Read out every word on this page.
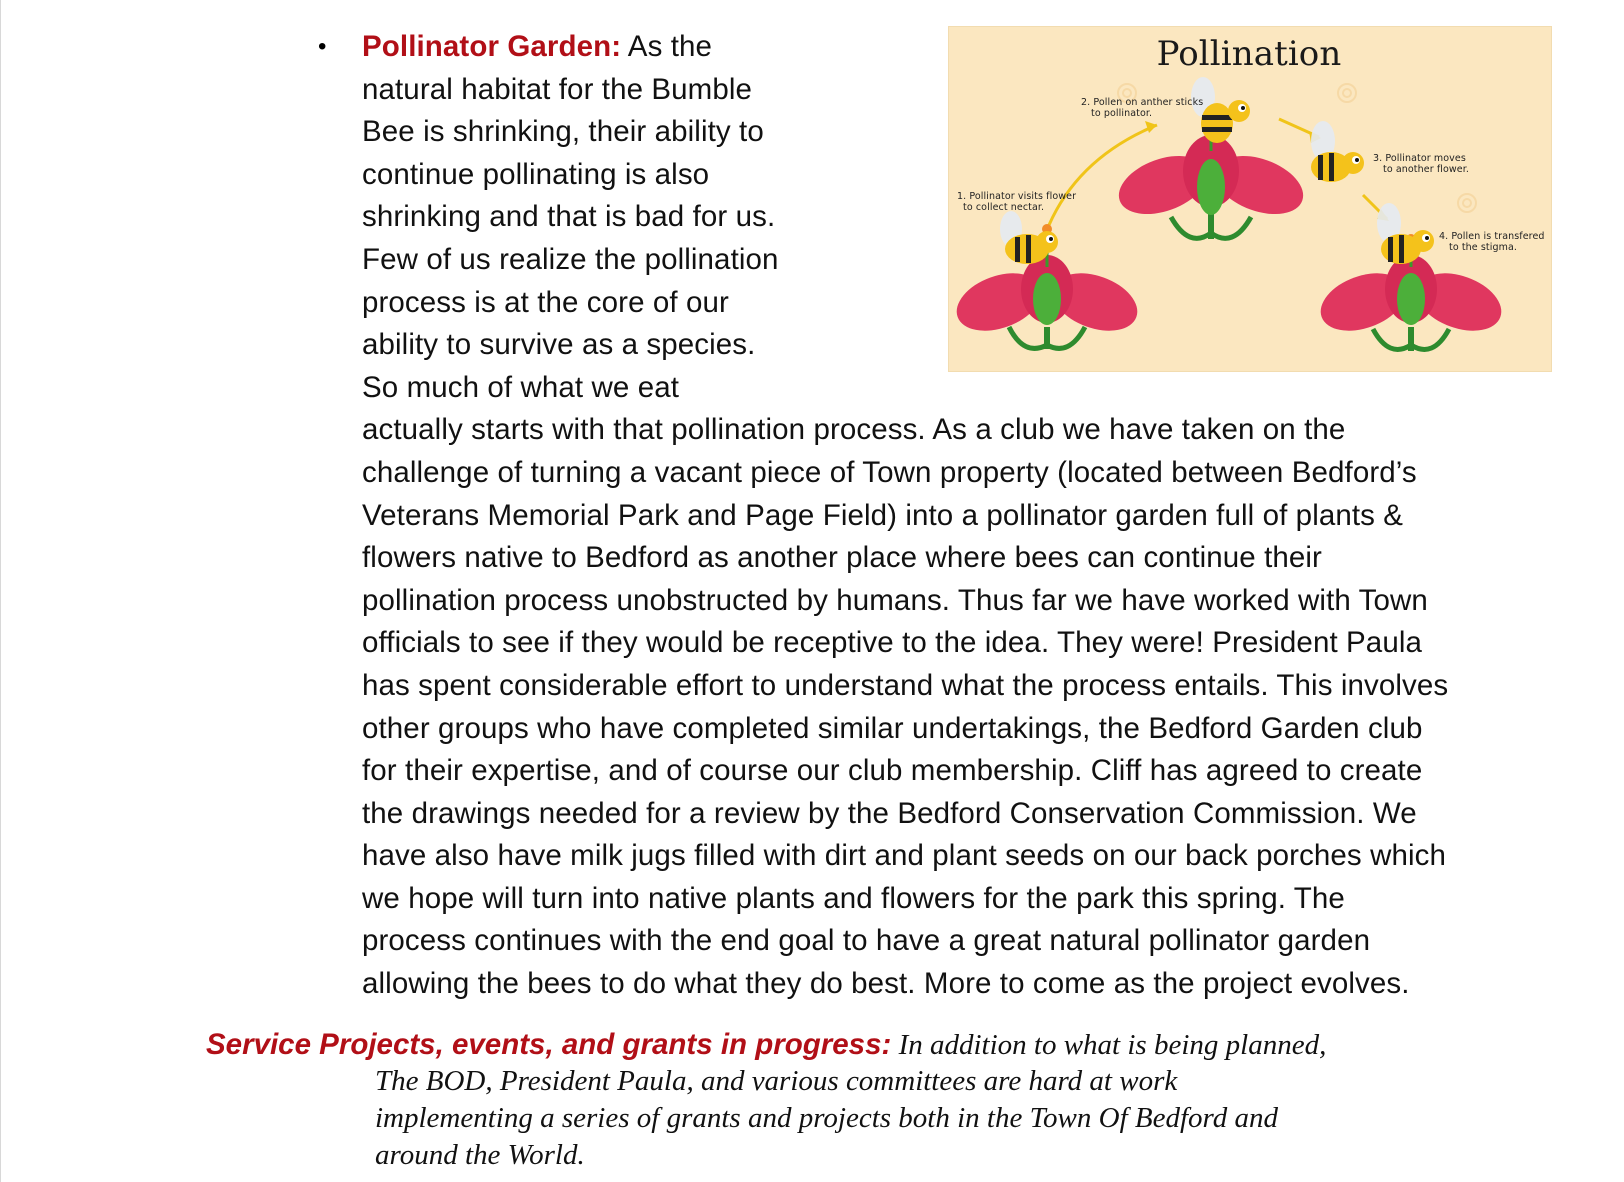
•	Pollination
1. Pollinator visits flower
to collect nectar.
2. Pollen on anther sticks
to pollinator.
3. Pollinator moves
to another flower.
4. Pollen is transfered
to the stigma.
Pollinator Garden: As the
natural habitat for the Bumble
Bee is shrinking, their ability to
continue pollinating is also
shrinking and that is bad for us.
Few of us realize the pollination
process is at the core of our
ability to survive as a species.
So much of what we eat
actually starts with that pollination process. As a club we have taken on the
challenge of turning a vacant piece of Town property (located between Bedford’s
Veterans Memorial Park and Page Field) into a pollinator garden full of plants &
flowers native to Bedford as another place where bees can continue their
pollination process unobstructed by humans. Thus far we have worked with Town
officials to see if they would be receptive to the idea. They were! President Paula
has spent considerable effort to understand what the process entails. This involves
other groups who have completed similar undertakings, the Bedford Garden club
for their expertise, and of course our club membership. Cliff has agreed to create
the drawings needed for a review by the Bedford Conservation Commission. We
have also have milk jugs filled with dirt and plant seeds on our back porches which
we hope will turn into native plants and flowers for the park this spring. The
process continues with the end goal to have a great natural pollinator garden
allowing the bees to do what they do best. More to come as the project evolves.
Service Projects, events, and grants in progress: In addition to what is being planned,
The BOD, President Paula, and various committees are hard at work
implementing a series of grants and projects both in the Town Of Bedford and
around the World.
